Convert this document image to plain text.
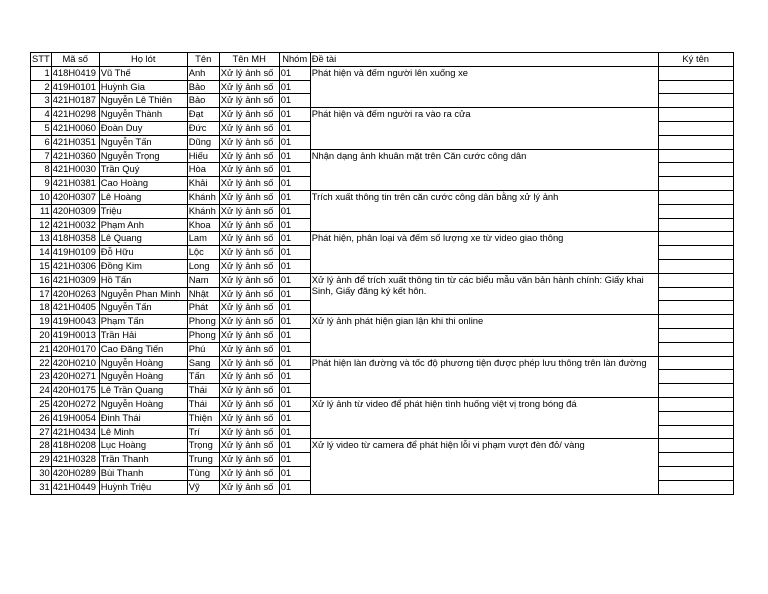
STT	Mã số	Họ lót	Tên	Tên MH	Nhóm	Đề tài	Ký tên
1	418H0419	Vũ Thế	Anh	Xử lý ảnh số	01	Phát hiện và đếm người lên xuống xe	
2	419H0101	Huỳnh Gia	Bảo	Xử lý ảnh số	01		
3	421H0187	Nguyễn Lê Thiên	Bảo	Xử lý ảnh số	01		
4	421H0298	Nguyễn Thành	Đạt	Xử lý ảnh số	01	Phát hiện và đếm người ra vào ra cửa	
5	421H0060	Đoàn Duy	Đức	Xử lý ảnh số	01		
6	421H0351	Nguyễn Tấn	Dũng	Xử lý ảnh số	01		
7	421H0360	Nguyễn Trọng	Hiếu	Xử lý ảnh số	01	Nhận dạng ảnh khuân mặt trên Căn cước công dân	
8	421H0030	Trần Quý	Hòa	Xử lý ảnh số	01		
9	421H0381	Cao Hoàng	Khải	Xử lý ảnh số	01		
10	420H0307	Lê Hoàng	Khánh	Xử lý ảnh số	01	Trích xuất thông tin trên căn cước công dân bằng xử lý ảnh	
11	420H0309	Triệu	Khánh	Xử lý ảnh số	01		
12	421H0032	Phạm Anh	Khoa	Xử lý ảnh số	01		
13	418H0358	Lê Quang	Lam	Xử lý ảnh số	01	Phát hiện, phân loại và đếm số lượng xe từ video giao thông	
14	419H0109	Đỗ Hữu	Lộc	Xử lý ảnh số	01		
15	421H0306	Đồng Kim	Long	Xử lý ảnh số	01		
16	421H0309	Hồ Tấn	Nam	Xử lý ảnh số	01	Xử lý ảnh để trích xuất thông tin từ các biểu mẫu văn bản hành chính: Giấy khai Sinh, Giấy đăng ký kết hôn.	
17	420H0263	Nguyễn Phan Minh	Nhật	Xử lý ảnh số	01		
18	421H0405	Nguyễn Tấn	Phát	Xử lý ảnh số	01		
19	419H0043	Phạm Tấn	Phong	Xử lý ảnh số	01	Xử lý ảnh phát hiện gian lận khi thi online	
20	419H0013	Trần Hải	Phong	Xử lý ảnh số	01		
21	420H0170	Cao Đăng Tiến	Phú	Xử lý ảnh số	01		
22	420H0210	Nguyễn Hoàng	Sang	Xử lý ảnh số	01	Phát hiện làn đường và tốc độ phương tiện được phép lưu thông trên làn đường	
23	420H0271	Nguyễn Hoàng	Tấn	Xử lý ảnh số	01		
24	420H0175	Lê Trần Quang	Thái	Xử lý ảnh số	01		
25	420H0272	Nguyễn Hoàng	Thái	Xử lý ảnh số	01	Xử lý ảnh từ video để phát hiện tình huống việt vị trong bóng đá	
26	419H0054	Đinh Thái	Thiện	Xử lý ảnh số	01		
27	421H0434	Lê Minh	Trí	Xử lý ảnh số	01		
28	418H0208	Lục Hoàng	Trọng	Xử lý ảnh số	01	Xử lý video từ camera để phát hiện lỗi vi phạm vượt đèn đỏ/ vàng	
29	421H0328	Trần Thanh	Trung	Xử lý ảnh số	01		
30	420H0289	Bùi Thanh	Tùng	Xử lý ảnh số	01		
31	421H0449	Huỳnh Triệu	Vỹ	Xử lý ảnh số	01		
